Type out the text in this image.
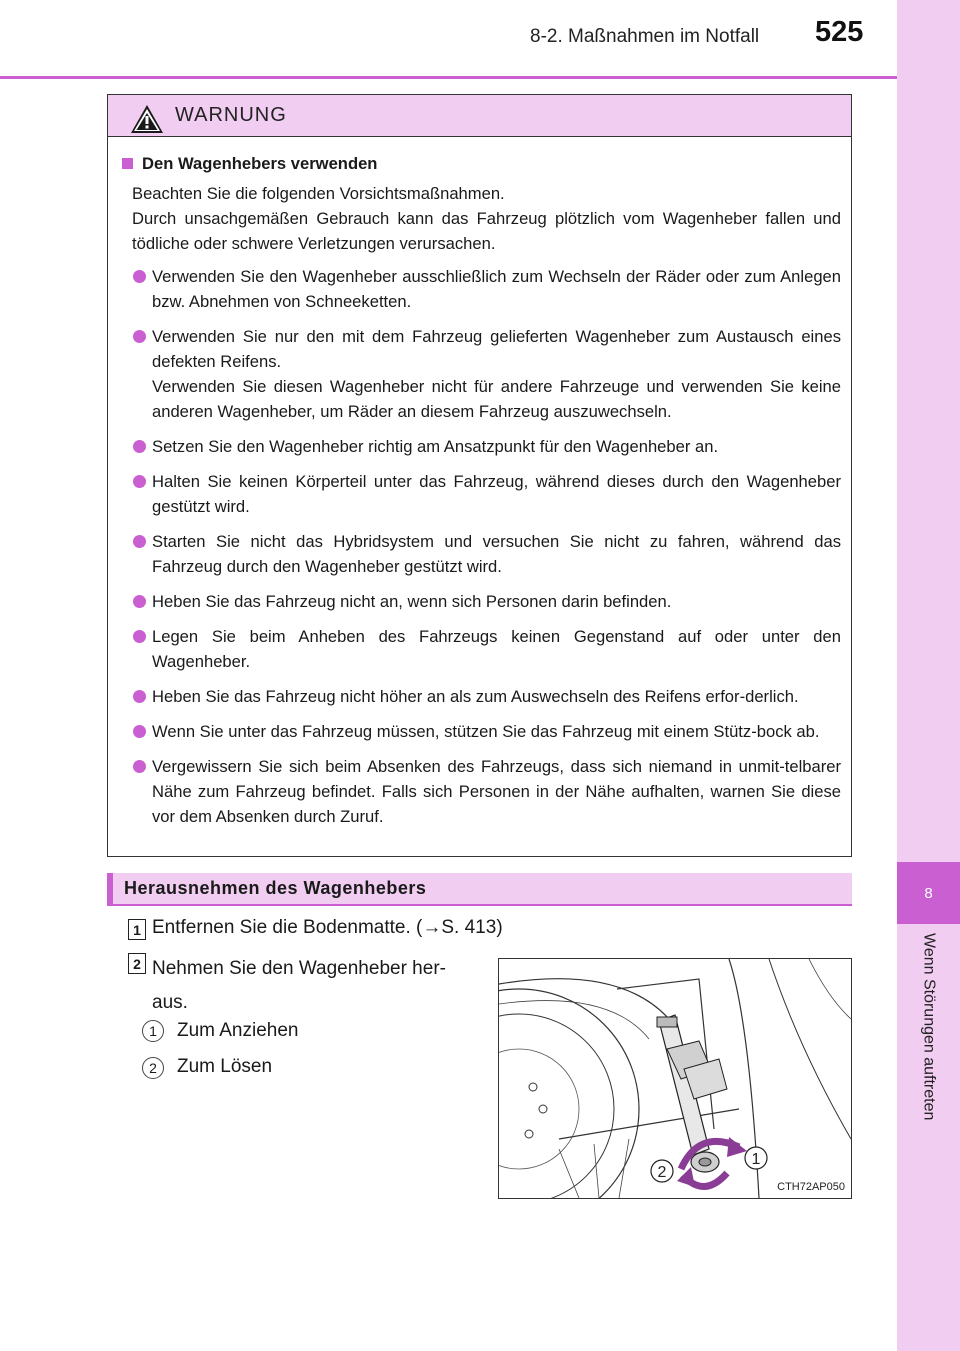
8-2. Maßnahmen im Notfall 525
8
Wenn Störungen auftreten
WARNUNG
Den Wagenhebers verwenden
Beachten Sie die folgenden Vorsichtsmaßnahmen.
Durch unsachgemäßen Gebrauch kann das Fahrzeug plötzlich vom Wagenheber fallen und tödliche oder schwere Verletzungen verursachen.
Verwenden Sie den Wagenheber ausschließlich zum Wechseln der Räder oder zum Anlegen bzw. Abnehmen von Schneeketten.
Verwenden Sie nur den mit dem Fahrzeug gelieferten Wagenheber zum Austausch eines defekten Reifens.
Verwenden Sie diesen Wagenheber nicht für andere Fahrzeuge und verwenden Sie keine anderen Wagenheber, um Räder an diesem Fahrzeug auszuwechseln.
Setzen Sie den Wagenheber richtig am Ansatzpunkt für den Wagenheber an.
Halten Sie keinen Körperteil unter das Fahrzeug, während dieses durch den Wagenheber gestützt wird.
Starten Sie nicht das Hybridsystem und versuchen Sie nicht zu fahren, während das Fahrzeug durch den Wagenheber gestützt wird.
Heben Sie das Fahrzeug nicht an, wenn sich Personen darin befinden.
Legen Sie beim Anheben des Fahrzeugs keinen Gegenstand auf oder unter den Wagenheber.
Heben Sie das Fahrzeug nicht höher an als zum Auswechseln des Reifens erfor-derlich.
Wenn Sie unter das Fahrzeug müssen, stützen Sie das Fahrzeug mit einem Stütz-bock ab.
Vergewissern Sie sich beim Absenken des Fahrzeugs, dass sich niemand in unmit-telbarer Nähe zum Fahrzeug befindet. Falls sich Personen in der Nähe aufhalten, warnen Sie diese vor dem Absenken durch Zuruf.
Herausnehmen des Wagenhebers
1 Entfernen Sie die Bodenmatte. (→S. 413)
2 Nehmen Sie den Wagenheber her-
aus.
1	Zum Anziehen
2	Zum Lösen
1
2
CTH72AP050
